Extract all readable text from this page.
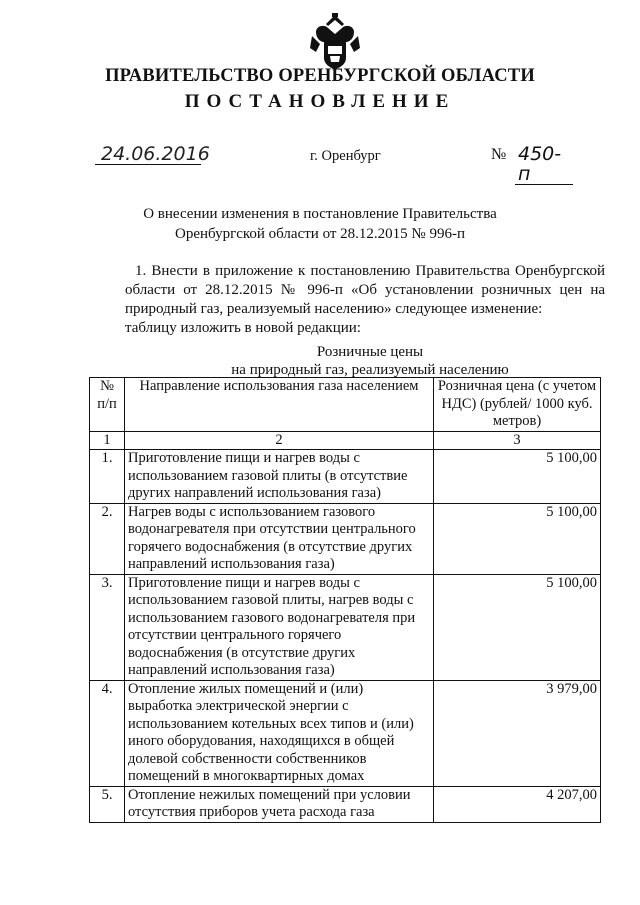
ПРАВИТЕЛЬСТВО ОРЕНБУРГСКОЙ ОБЛАСТИ
ПОСТАНОВЛЕНИЕ
24.06.2016	г. Оренбург	№ 450-п
О внесении изменения в постановление Правительства
Оренбургской области от 28.12.2015 № 996-п

1. Внести в приложение к постановлению Правительства Оренбургской области от 28.12.2015 № 996-п «Об установлении розничных цен на природный газ, реализуемый населению» следующее изменение:

таблицу изложить в новой редакции:

Розничные цены
на природный газ, реализуемый населению
№ п/п	Направление использования газа населением	Розничная цена (с учетом НДС) (рублей/ 1000 куб. метров)
1	2	3
1.	Приготовление пищи и нагрев воды с использованием газовой плиты (в отсутствие других направлений использования газа)	5 100,00
2.	Нагрев воды с использованием газового водонагревателя при отсутствии центрального горячего водоснабжения (в отсутствие других направлений использования газа)	5 100,00
3.	Приготовление пищи и нагрев воды с использованием газовой плиты, нагрев воды с использованием газового водонагревателя при отсутствии центрального горячего водоснабжения (в отсутствие других направлений использования газа)	5 100,00
4.	Отопление жилых помещений и (или) выработка электрической энергии с использованием котельных всех типов и (или) иного оборудования, находящихся в общей долевой собственности собственников помещений в многоквартирных домах	3 979,00
5.	Отопление нежилых помещений при условии отсутствия приборов учета расхода газа	4 207,00
